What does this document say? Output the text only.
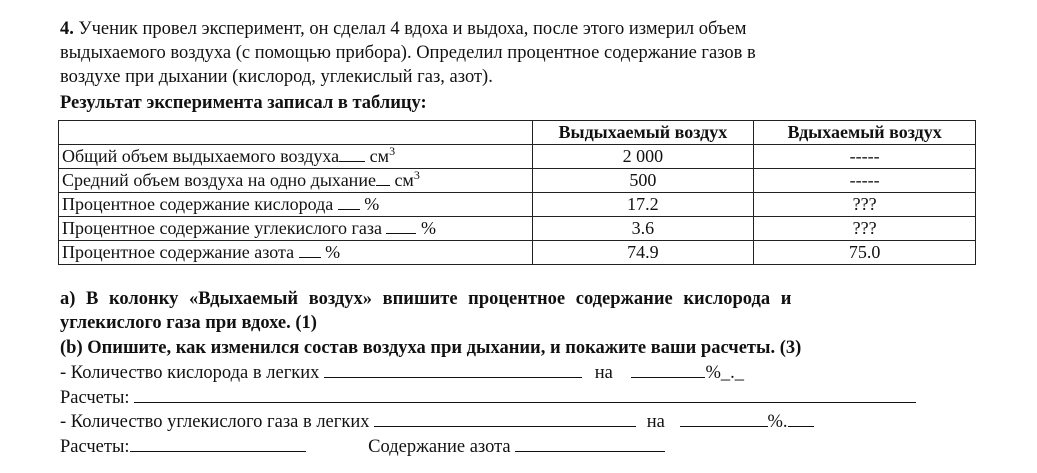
4. Ученик провел эксперимент, он сделал 4 вдоха и выдоха, после этого измерил объем
выдыхаемого воздуха (с помощью прибора). Определил процентное содержание газов в
воздухе при дыхании (кислород, углекислый газ, азот).
Результат эксперимента записал в таблицу:
	Выдыхаемый воздух	Вдыхаемый воздух
Общий объем выдыхаемого воздуха $см^3$	2 000	-----
Средний объем воздуха на одно дыхание $см^3$	500	-----
Процентное содержание кислорода %	17.2	???
Процентное содержание углекислого газа %	3.6	???
Процентное содержание азота %	74.9	75.0
а) В колонку «Вдыхаемый воздух» впишите процентное содержание кислорода и
углекислого газа при вдохе. (1)
(b) Опишите, как изменился состав воздуха при дыхании, и покажите ваши расчеты. (3)
- Количество кислорода в легких	на	%_._
Расчеты:
- Количество углекислого газа в легких	на	%.
Расчеты:	Содержание азота
